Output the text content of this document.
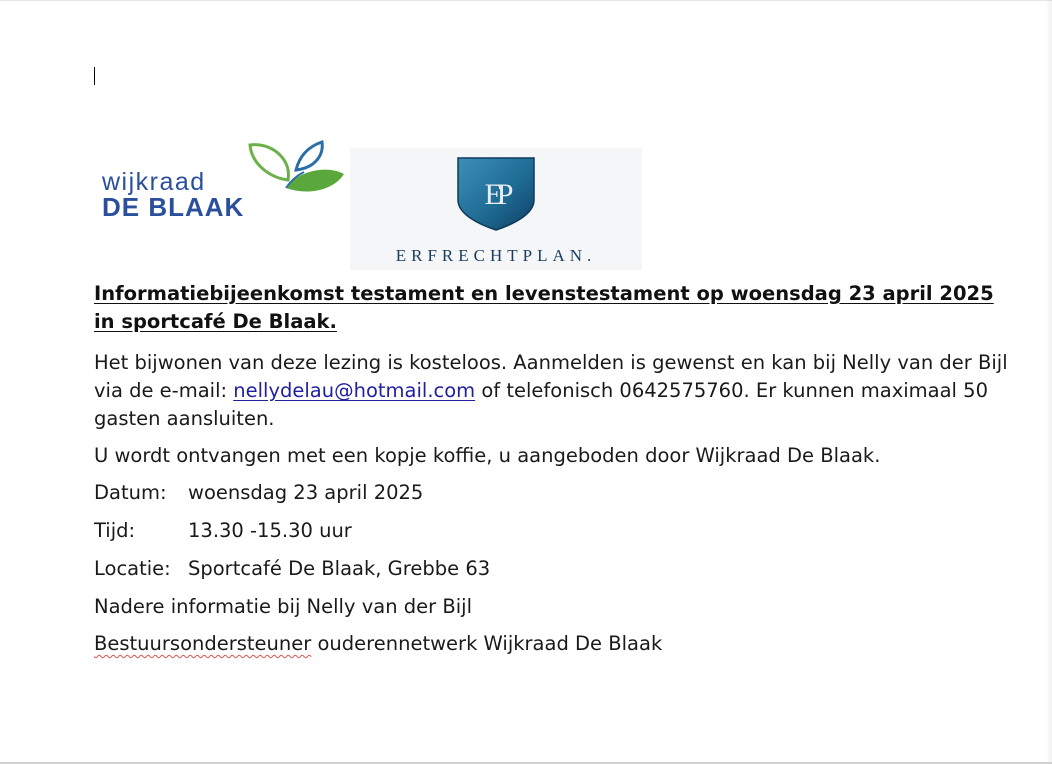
wijkraad
DE BLAAK	EP
ERFRECHTPLAN.
Informatiebijeenkomst testament en levenstestament op woensdag 23 april 2025 in sportcafé De Blaak.

Het bijwonen van deze lezing is kosteloos. Aanmelden is gewenst en kan bij Nelly van der Bijl via de e-mail: nellydelau@hotmail.com of telefonisch 0642575760. Er kunnen maximaal 50 gasten aansluiten.

U wordt ontvangen met een kopje koffie, u aangeboden door Wijkraad De Blaak.

Datum:	woensdag 23 april 2025
Tijd:	13.30 -15.30 uur
Locatie: Sportcafé De Blaak, Grebbe 63

Nadere informatie bij Nelly van der Bijl

Bestuursondersteuner ouderennetwerk Wijkraad De Blaak
